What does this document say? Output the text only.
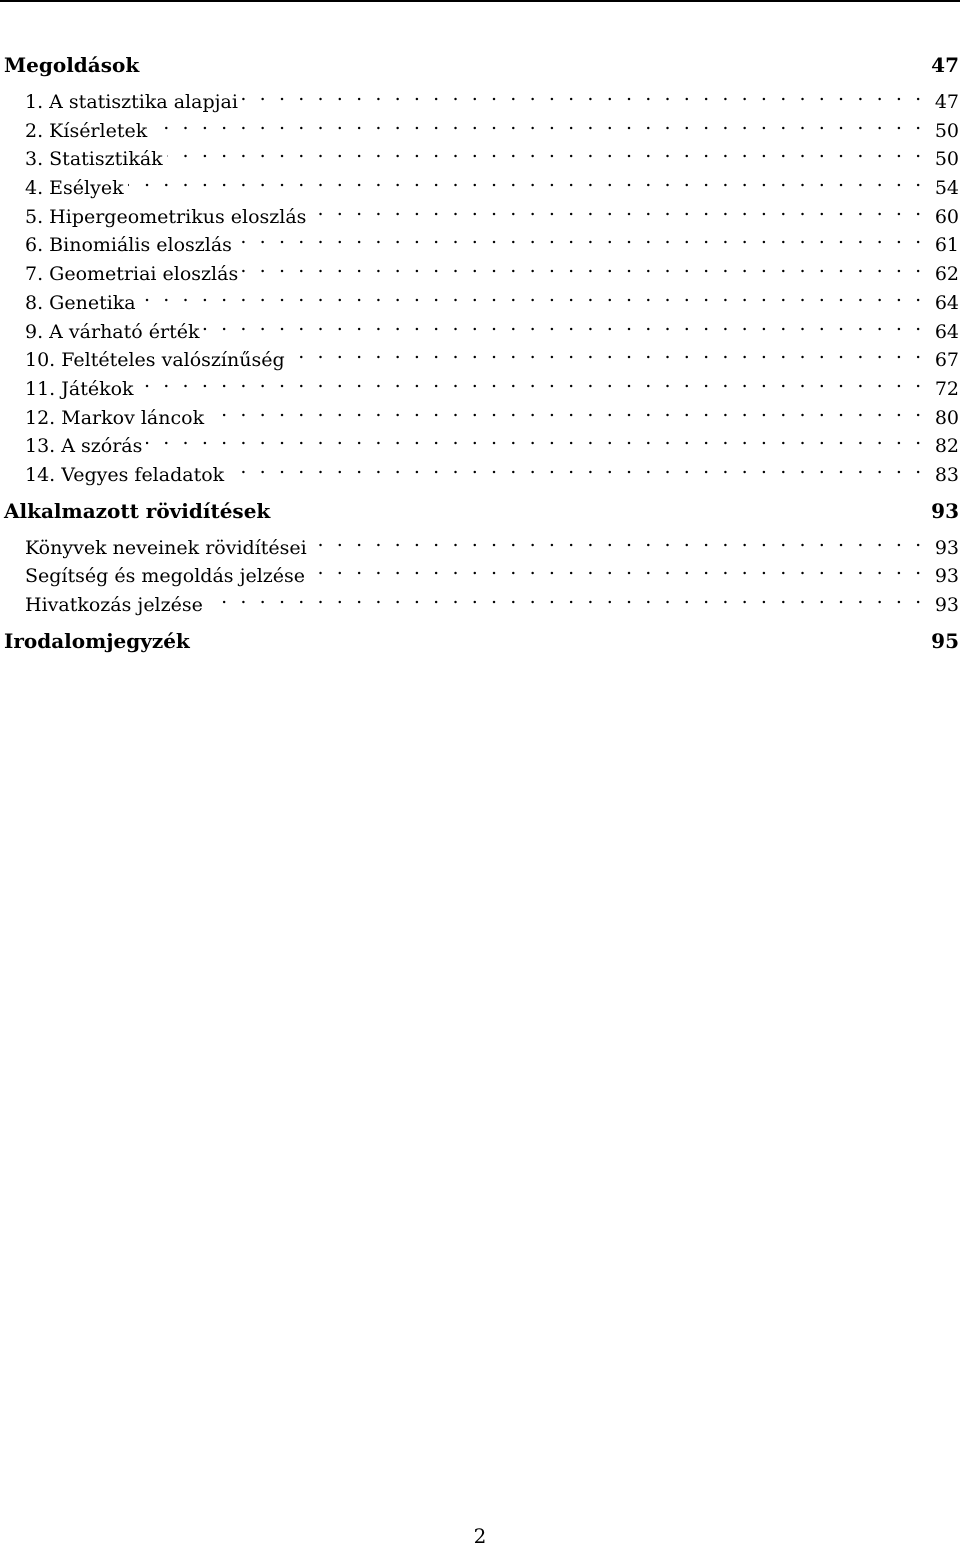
Megoldások	47
1. A statisztika alapjai . . .	47
2. Kísérletek . . .	50
3. Statisztikák . . .	50
4. Esélyek . . .	54
5. Hipergeometrikus eloszlás . . .	60
6. Binomiális eloszlás . . .	61
7. Geometriai eloszlás . . .	62
8. Genetika . . .	64
9. A várható érték . . .	64
10. Feltételes valószínűség . . .	67
11. Játékok . . .	72
12. Markov láncok . . .	80
13. A szórás . . .	82
14. Vegyes feladatok . . .	83
Alkalmazott rövidítések	93
Könyvek neveinek rövidítései . . .	93
Segítség és megoldás jelzése . . .	93
Hivatkozás jelzése . . .	93
Irodalomjegyzék	95
2
